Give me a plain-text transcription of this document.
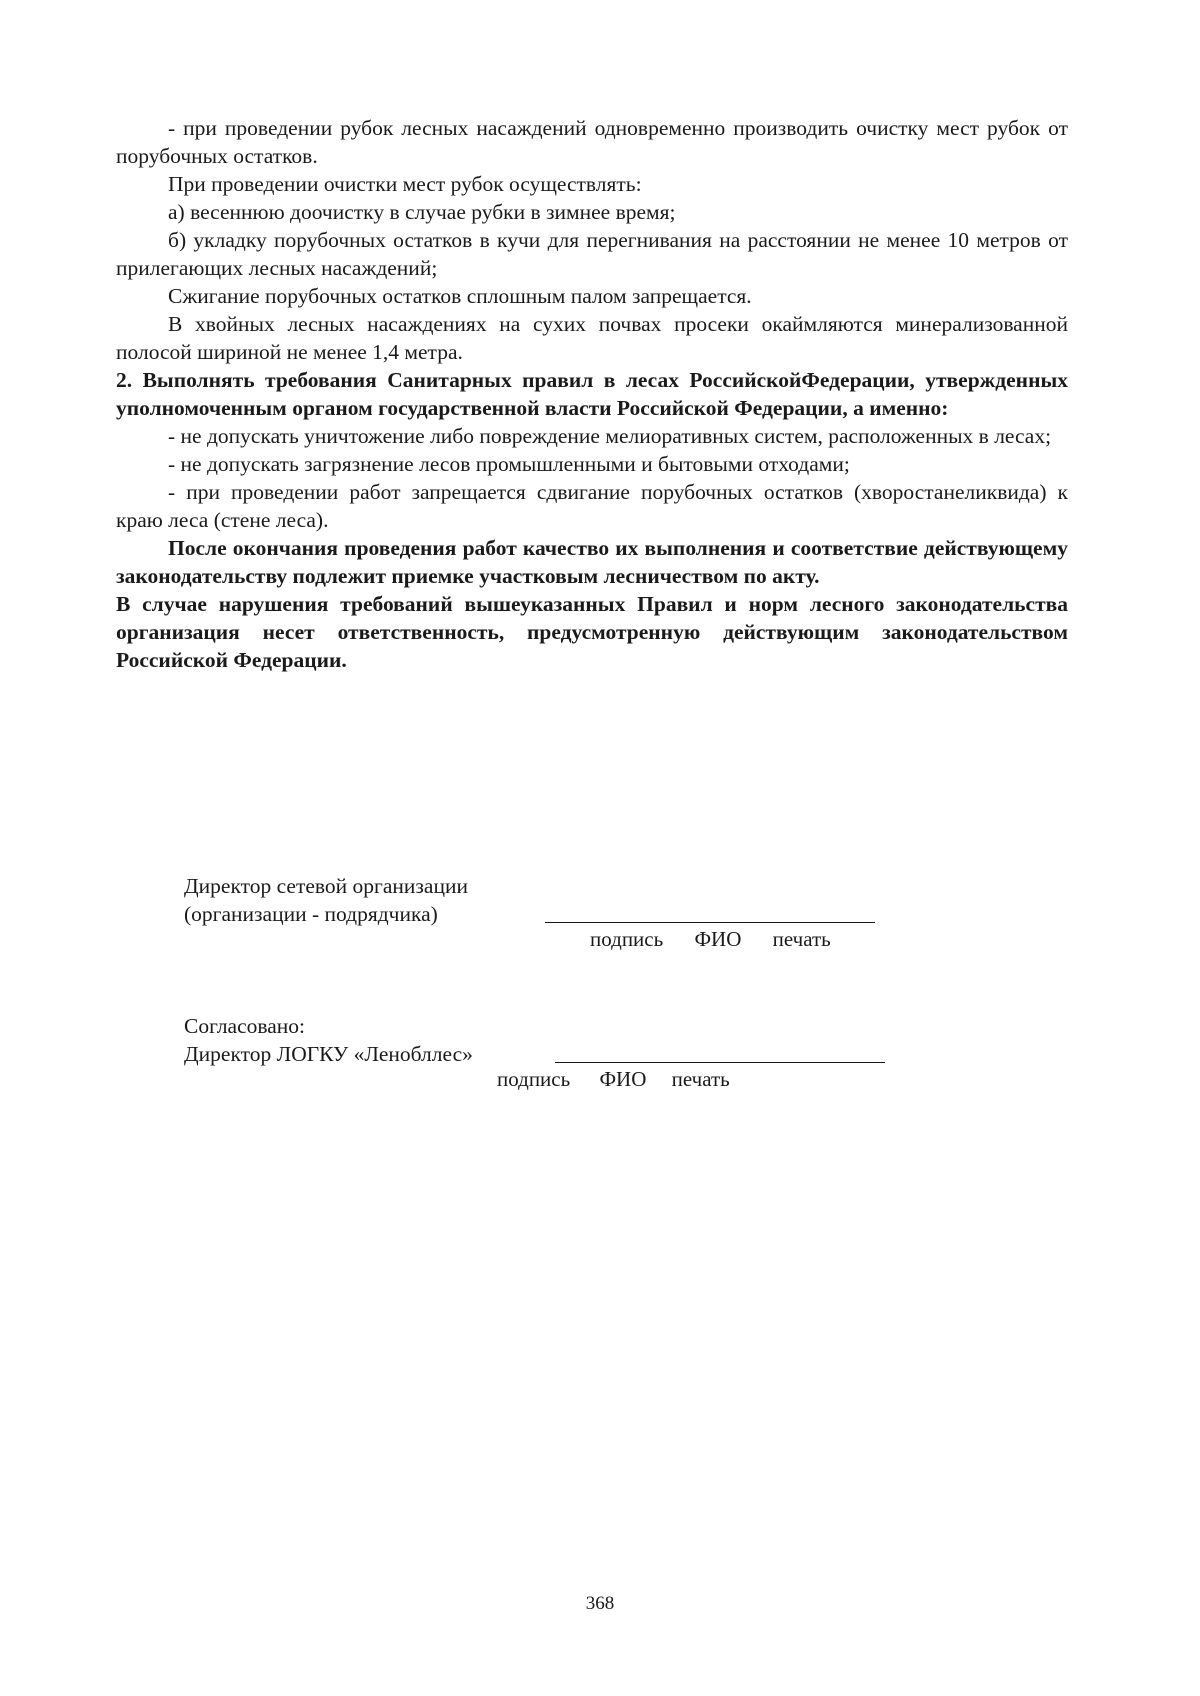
- при проведении рубок лесных насаждений одновременно производить очистку мест рубок от порубочных остатков.

При проведении очистки мест рубок осуществлять:

а) весеннюю доочистку в случае рубки в зимнее время;

б) укладку порубочных остатков в кучи для перегнивания на расстоянии не менее 10 метров от прилегающих лесных насаждений;

Сжигание порубочных остатков сплошным палом запрещается.

В хвойных лесных насаждениях на сухих почвах просеки окаймляются минерализованной полосой шириной не менее 1,4 метра.

2. Выполнять требования Санитарных правил в лесах РоссийскойФедерации, утвержденных уполномоченным органом государственной власти Российской Федерации, а именно:

- не допускать уничтожение либо повреждение мелиоративных систем, расположенных в лесах;

- не допускать загрязнение лесов промышленными и бытовыми отходами;

- при проведении работ запрещается сдвигание порубочных остатков (хворостанеликвида) к краю леса (стене леса).

После окончания проведения работ качество их выполнения и соответствие действующему законодательству подлежит приемке участковым лесничеством по акту.

В случае нарушения требований вышеуказанных Правил и норм лесного законодательства организация несет ответственность, предусмотренную действующим законодательством Российской Федерации.

Директор сетевой организации
(организации - подрядчика)
подпись ФИО печать
Согласовано:
Директор ЛОГКУ «Ленобллес»
подпись ФИО печать
368
